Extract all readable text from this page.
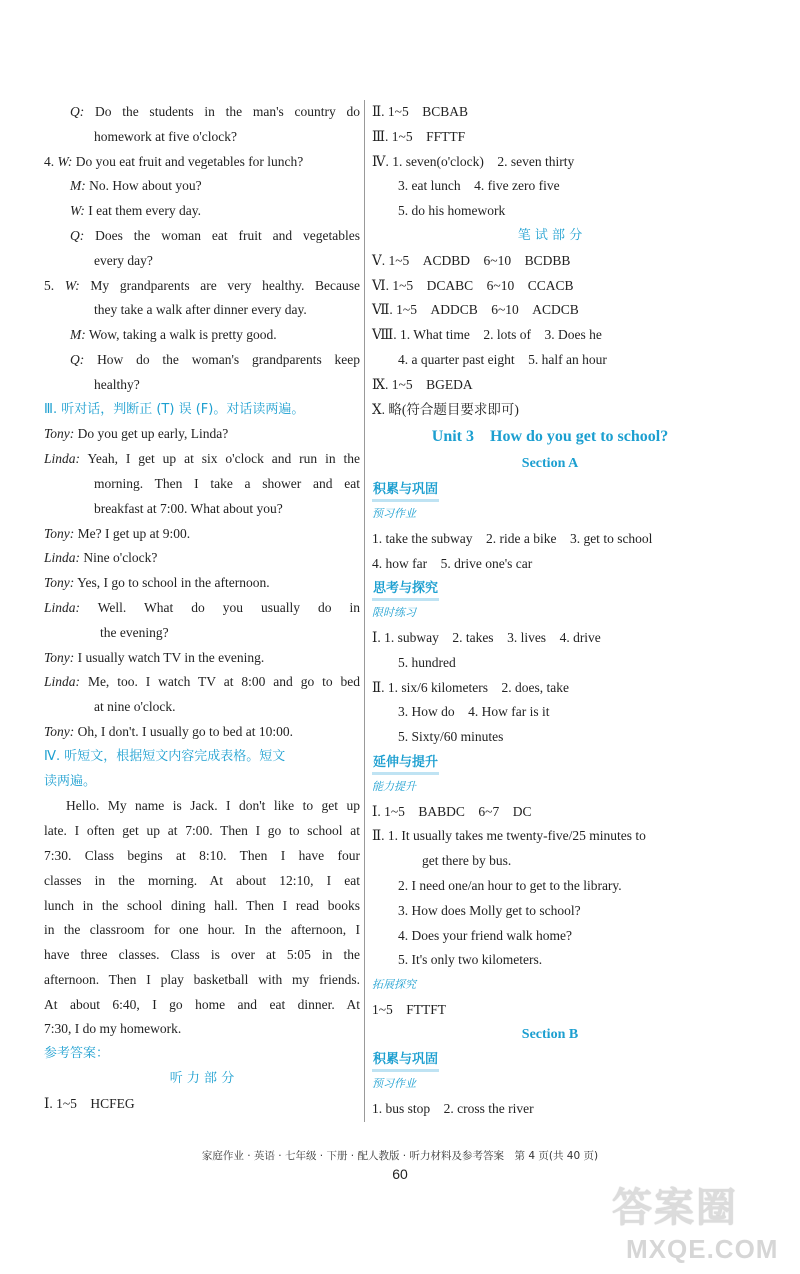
Q: Do the students in the man's country do
homework at five o'clock?
4. W: Do you eat fruit and vegetables for lunch?
M: No. How about you?
W: I eat them every day.
Q: Does the woman eat fruit and vegetables
every day?
5. W: My grandparents are very healthy. Because
they take a walk after dinner every day.
M: Wow, taking a walk is pretty good.
Q: How do the woman's grandparents keep
healthy?
Ⅲ. 听对话，判断正 (T) 误 (F)。对话读两遍。
Tony: Do you get up early, Linda?
Linda: Yeah, I get up at six o'clock and run in the
morning. Then I take a shower and eat
breakfast at 7:00. What about you?
Tony: Me? I get up at 9:00.
Linda: Nine o'clock?
Tony: Yes, I go to school in the afternoon.
Linda: Well. What do you usually do in
the evening?
Tony: I usually watch TV in the evening.
Linda: Me, too. I watch TV at 8:00 and go to bed
at nine o'clock.
Tony: Oh, I don't. I usually go to bed at 10:00.
Ⅳ. 听短文，根据短文内容完成表格。短文
读两遍。
Hello. My name is Jack. I don't like to get up
late. I often get up at 7:00. Then I go to school at
7:30. Class begins at 8:10. Then I have four
classes in the morning. At about 12:10, I eat
lunch in the school dining hall. Then I read books
in the classroom for one hour. In the afternoon, I
have three classes. Class is over at 5:05 in the
afternoon. Then I play basketball with my friends.
At about 6:40, I go home and eat dinner. At
7:30, I do my homework.
参考答案：
听 力 部 分
Ⅰ. 1~5　HCFEG
Ⅱ. 1~5　BCBAB
Ⅲ. 1~5　FFTTF
Ⅳ. 1. seven(o'clock)　2. seven thirty
3. eat lunch　4. five zero five
5. do his homework
笔 试 部 分
Ⅴ. 1~5　ACDBD　6~10　BCDBB
Ⅵ. 1~5　DCABC　6~10　CCACB
Ⅶ. 1~5　ADDCB　6~10　ACDCB
Ⅷ. 1. What time　2. lots of　3. Does he
4. a quarter past eight　5. half an hour
Ⅸ. 1~5　BGEDA
Ⅹ. 略(符合题目要求即可)
Unit 3　How do you get to school?
Section A
积累与巩固
预习作业
1. take the subway　2. ride a bike　3. get to school
4. how far　5. drive one's car
思考与探究
限时练习
Ⅰ. 1. subway　2. takes　3. lives　4. drive
5. hundred
Ⅱ. 1. six/6 kilometers　2. does, take
3. How do　4. How far is it
5. Sixty/60 minutes
延伸与提升
能力提升
Ⅰ. 1~5　BABDC　6~7　DC
Ⅱ. 1. It usually takes me twenty-five/25 minutes to
get there by bus.
2. I need one/an hour to get to the library.
3. How does Molly get to school?
4. Does your friend walk home?
5. It's only two kilometers.
拓展探究
1~5　FTTFT
Section B
积累与巩固
预习作业
1. bus stop　2. cross the river
家庭作业 · 英语 · 七年级 · 下册 · 配人教版 · 听力材料及参考答案　第 4 页(共 40 页)
60
答案圈
MXQE.COM
